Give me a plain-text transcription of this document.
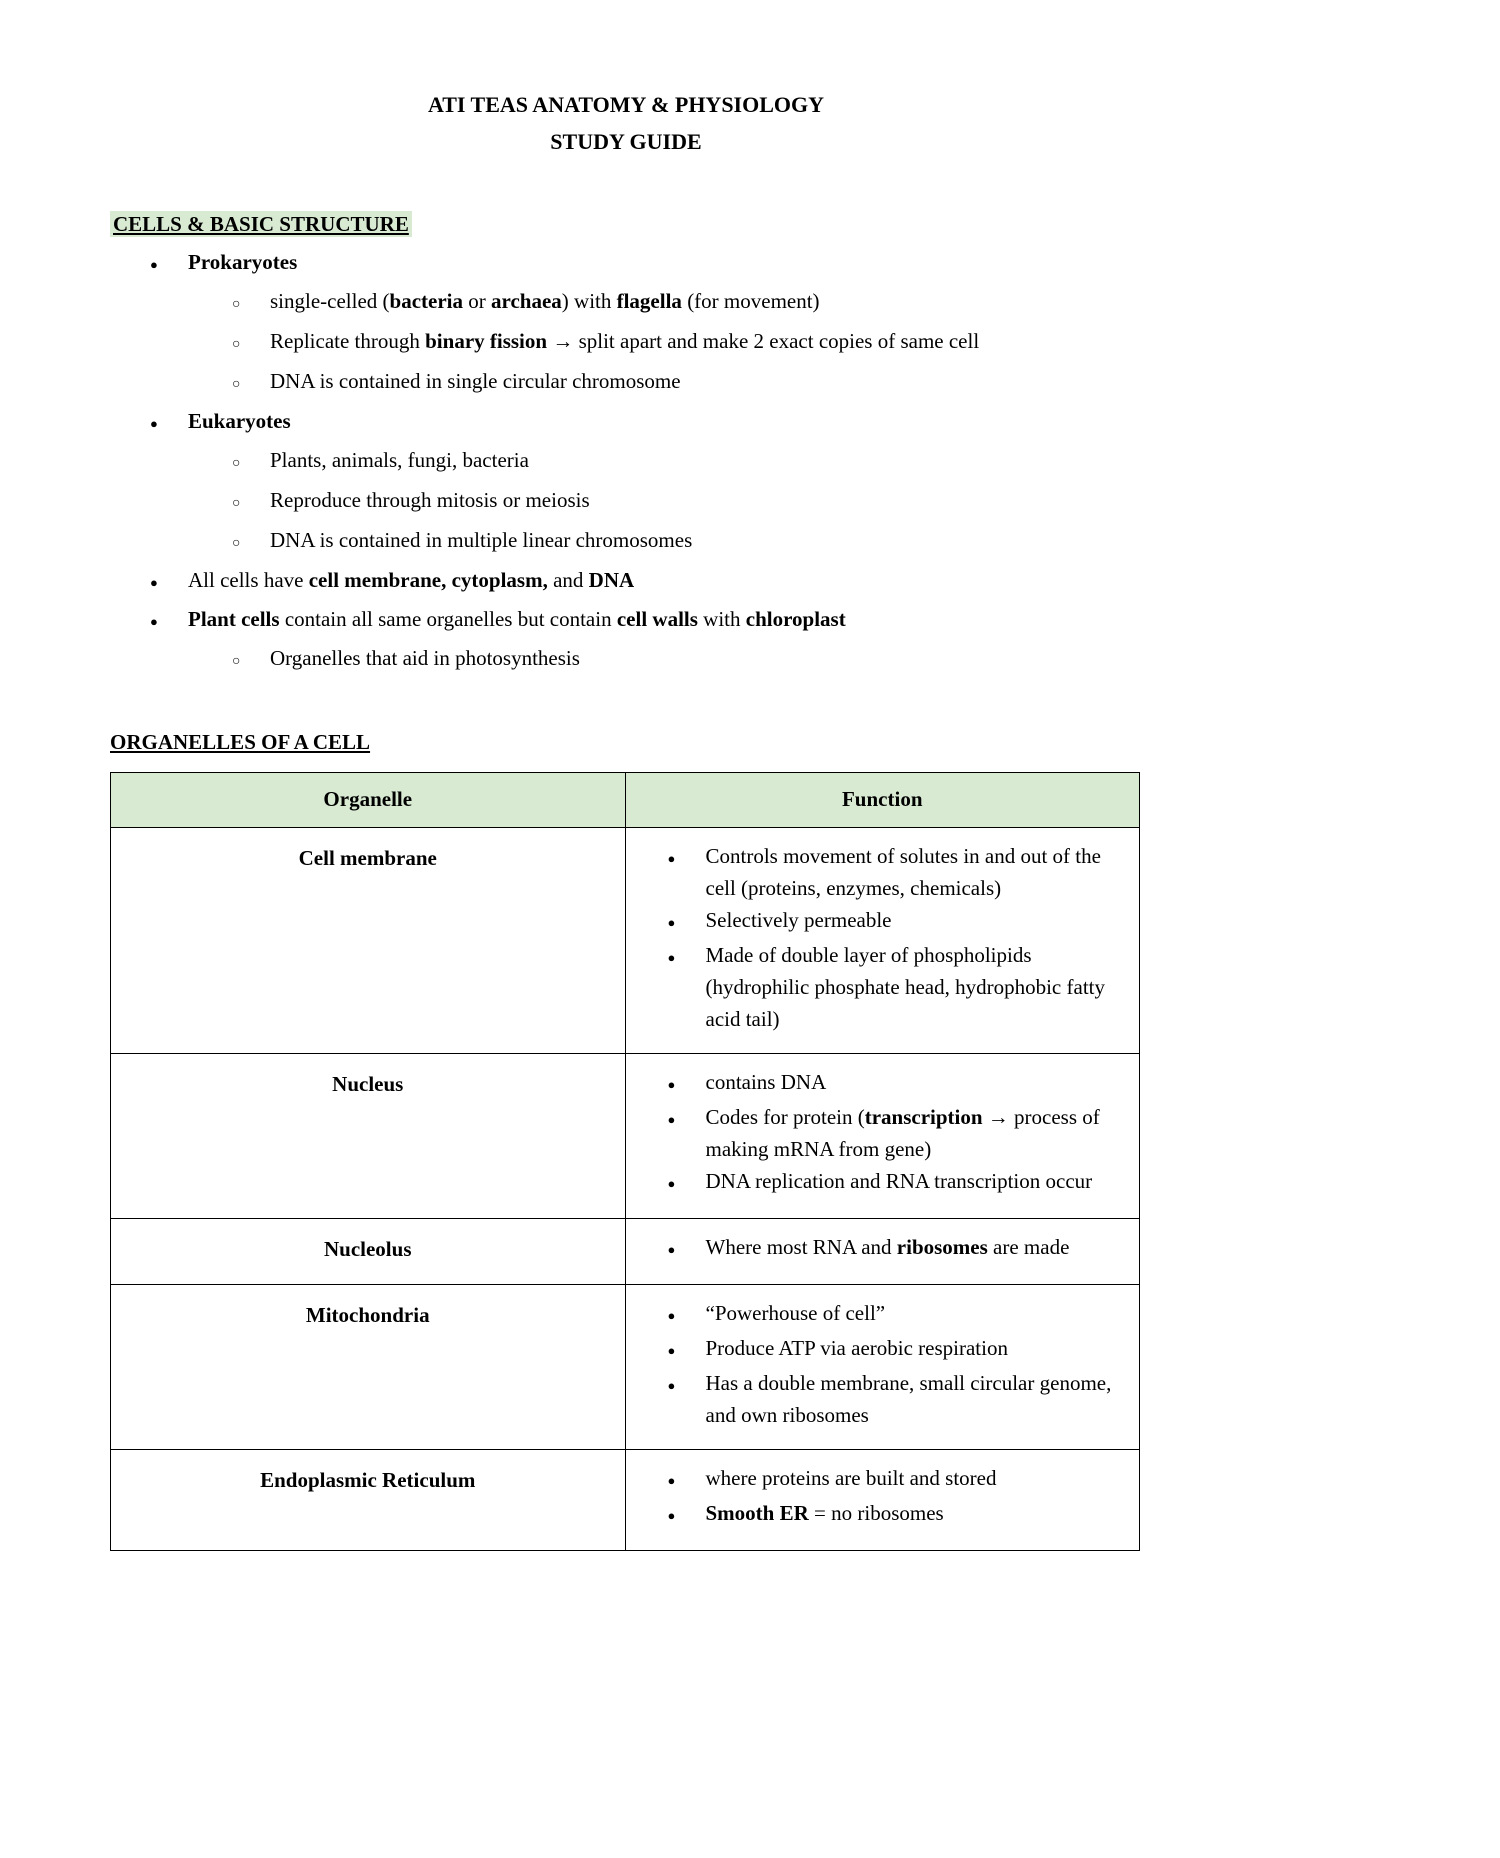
ATI TEAS ANATOMY & PHYSIOLOGY
STUDY GUIDE
CELLS & BASIC STRUCTURE
●	Prokaryotes
○	single-celled (bacteria or archaea) with flagella (for movement)
○	Replicate through binary fission → split apart and make 2 exact copies of same cell
○	DNA is contained in single circular chromosome
●	Eukaryotes
○	Plants, animals, fungi, bacteria
○	Reproduce through mitosis or meiosis
○	DNA is contained in multiple linear chromosomes
●	All cells have cell membrane, cytoplasm, and DNA
●	Plant cells contain all same organelles but contain cell walls with chloroplast
○	Organelles that aid in photosynthesis
ORGANELLES OF A CELL
Organelle	Function
Cell membrane	●	Controls movement of solutes in and out of the cell (proteins, enzymes, chemicals)
●	Selectively permeable
●	Made of double layer of phospholipids (hydrophilic phosphate head, hydrophobic fatty acid tail)

Nucleus	●	contains DNA
●	Codes for protein (transcription → process of making mRNA from gene)
●	DNA replication and RNA transcription occur

Nucleolus	● Where most RNA and ribosomes are made

Mitochondria	●	“Powerhouse of cell”
●	Produce ATP via aerobic respiration
●	Has a double membrane, small circular genome, and own ribosomes

Endoplasmic Reticulum	● where proteins are built and stored
● Smooth ER = no ribosomes
